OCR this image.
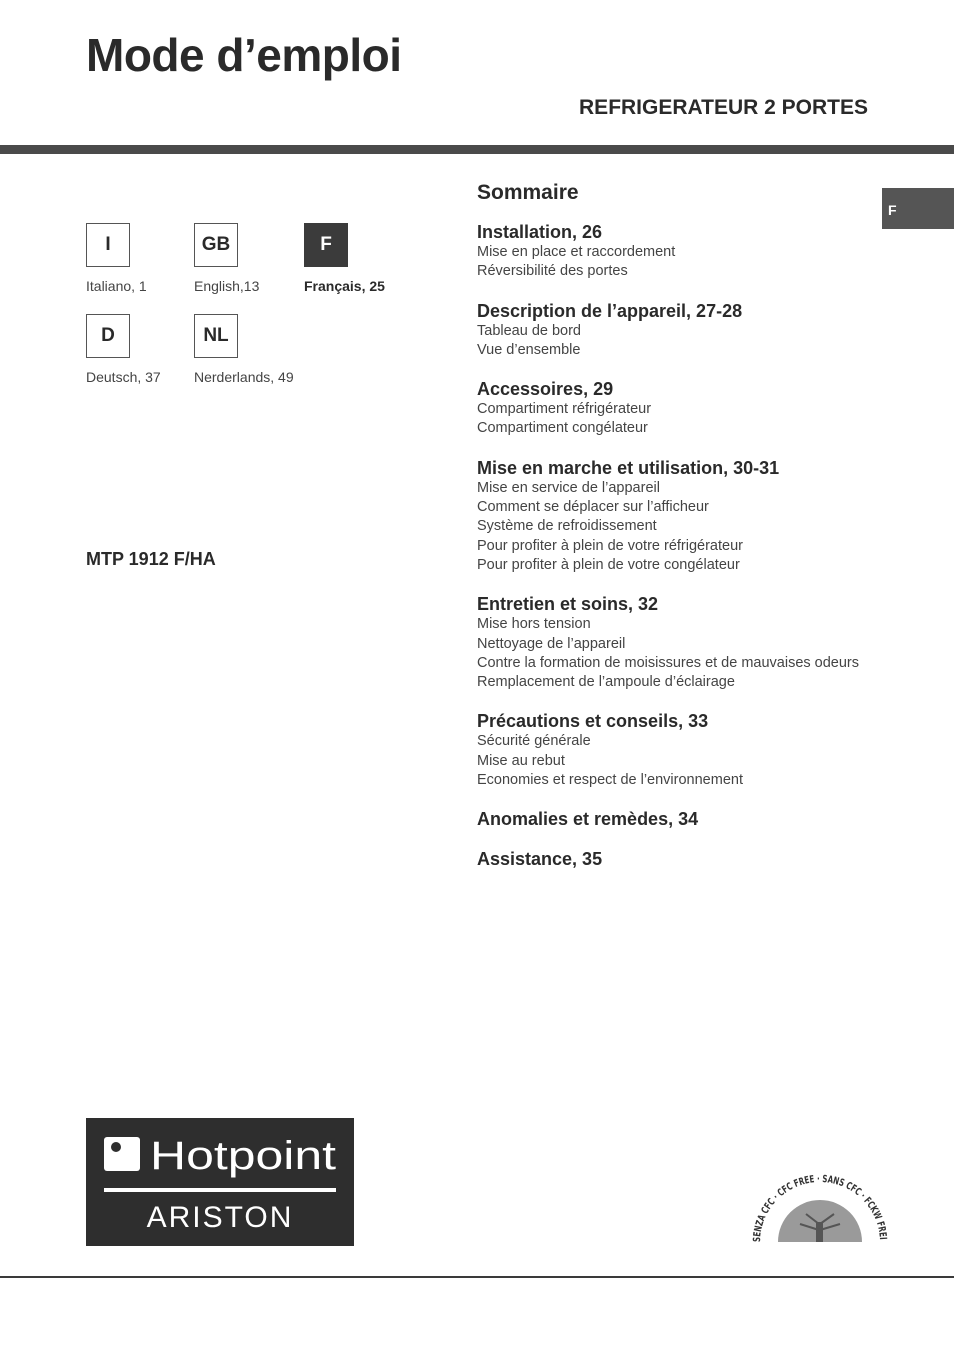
Mode d’emploi
REFRIGERATEUR 2 PORTES
F
I
Italiano, 1
GB
English,13
F
Français, 25
D
Deutsch, 37
NL
Nerderlands, 49
MTP 1912 F/HA
Sommaire
Installation, 26
Mise en place et raccordement
Réversibilité des portes
Description de l’appareil, 27-28
Tableau de bord
Vue d’ensemble
Accessoires, 29
Compartiment réfrigérateur
Compartiment congélateur
Mise en marche et utilisation, 30-31
Mise en service de l’appareil
Comment se déplacer sur l’afficheur
Système de refroidissement
Pour profiter à plein de votre réfrigérateur
Pour profiter à plein de votre congélateur
Entretien et soins, 32
Mise hors tension
Nettoyage de l’appareil
Contre la formation de moisissures et de mauvaises odeurs
Remplacement de l’ampoule d’éclairage
Précautions et conseils, 33
Sécurité générale
Mise au rebut
Economies et respect de l’environnement
Anomalies et remèdes, 34
Assistance, 35
Hotpoint
ARISTON
SENZA CFC · CFC FREE · SANS CFC · FCKW FREI
